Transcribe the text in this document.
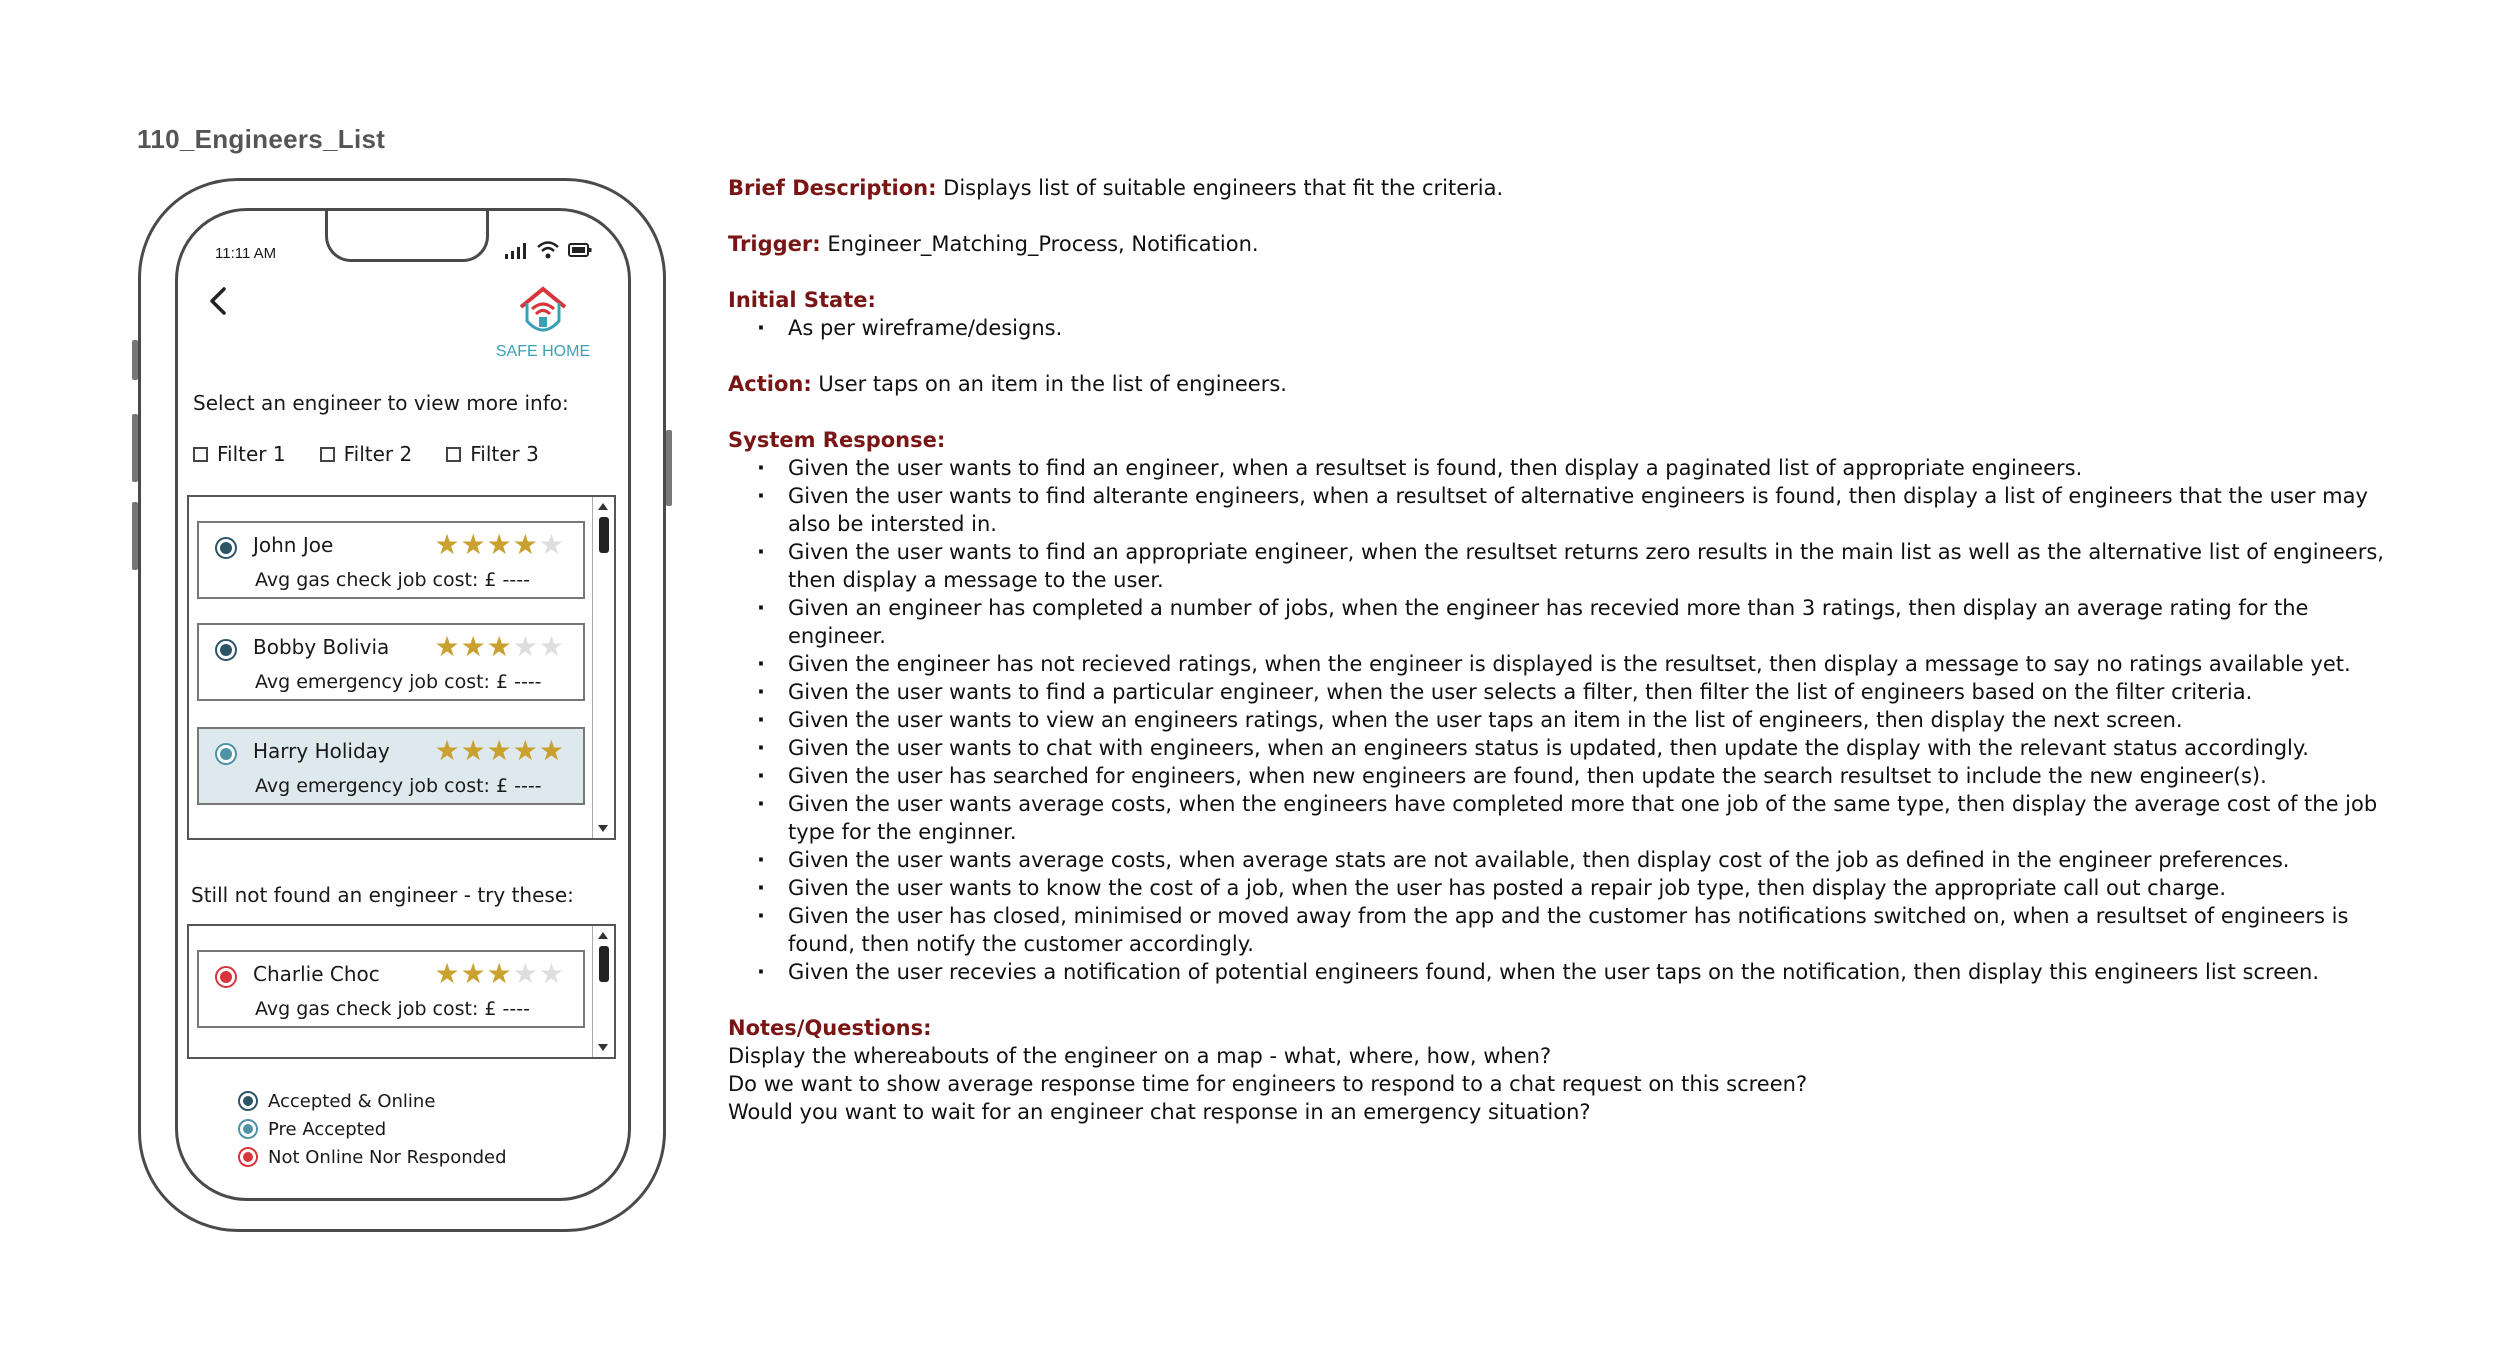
110_Engineers_List
11:11 AM
SAFE HOME
Select an engineer to view more info:
Filter 1	Filter 2	Filter 3
John Joe	★★★★★
Avg gas check job cost: £ ----
Bobby Bolivia ★★★★★
Avg emergency job cost: £ ----
Harry Holiday ★★★★★
Avg emergency job cost: £ ----
Still not found an engineer - try these:
Charlie Choc ★★★★★
Avg gas check job cost: £ ----
Accepted & Online
Pre Accepted
Not Online Nor Responded
Brief Description: Displays list of suitable engineers that fit the criteria.
Trigger: Engineer_Matching_Process, Notification.
Initial State:
· As per wireframe/designs.
Action: User taps on an item in the list of engineers.
System Response:
· Given the user wants to find an engineer, when a resultset is found, then display a paginated list of appropriate engineers.
· Given the user wants to find alterante engineers, when a resultset of alternative engineers is found, then display a list of engineers that the user may also be intersted in.
· Given the user wants to find an appropriate engineer, when the resultset returns zero results in the main list as well as the alternative list of engineers, then display a message to the user.
· Given an engineer has completed a number of jobs, when the engineer has recevied more than 3 ratings, then display an average rating for the engineer.
· Given the engineer has not recieved ratings, when the engineer is displayed is the resultset, then display a message to say no ratings available yet.
· Given the user wants to find a particular engineer, when the user selects a filter, then filter the list of engineers based on the filter criteria.
· Given the user wants to view an engineers ratings, when the user taps an item in the list of engineers, then display the next screen.
· Given the user wants to chat with engineers, when an engineers status is updated, then update the display with the relevant status accordingly.
· Given the user has searched for engineers, when new engineers are found, then update the search resultset to include the new engineer(s).
· Given the user wants average costs, when the engineers have completed more that one job of the same type, then display the average cost of the job type for the enginner.
· Given the user wants average costs, when average stats are not available, then display cost of the job as defined in the engineer preferences.
· Given the user wants to know the cost of a job, when the user has posted a repair job type, then display the appropriate call out charge.
· Given the user has closed, minimised or moved away from the app and the customer has notifications switched on, when a resultset of engineers is found, then notify the customer accordingly.
· Given the user recevies a notification of potential engineers found, when the user taps on the notification, then display this engineers list screen.
Notes/Questions:
Display the whereabouts of the engineer on a map - what, where, how, when?
Do we want to show average response time for engineers to respond to a chat request on this screen?
Would you want to wait for an engineer chat response in an emergency situation?
